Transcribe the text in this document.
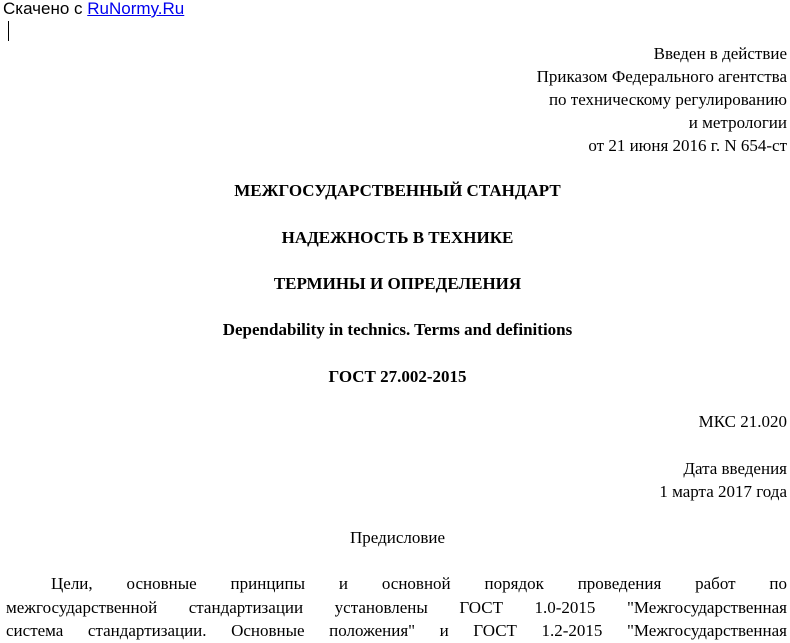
Скачено с RuNormy.Ru
Введен в действие
Приказом Федерального агентства
по техническому регулированию
и метрологии
от 21 июня 2016 г. N 654-ст
МЕЖГОСУДАРСТВЕННЫЙ СТАНДАРТ
НАДЕЖНОСТЬ В ТЕХНИКЕ
ТЕРМИНЫ И ОПРЕДЕЛЕНИЯ
Dependability in technics. Terms and definitions
ГОСТ 27.002-2015
МКС 21.020
Дата введения
1 марта 2017 года
Предисловие
Цели, основные принципы и основной порядок проведения работ по
межгосударственной стандартизации установлены ГОСТ 1.0-2015 "Межгосударственная
система стандартизации. Основные положения" и ГОСТ 1.2-2015 "Межгосударственная
